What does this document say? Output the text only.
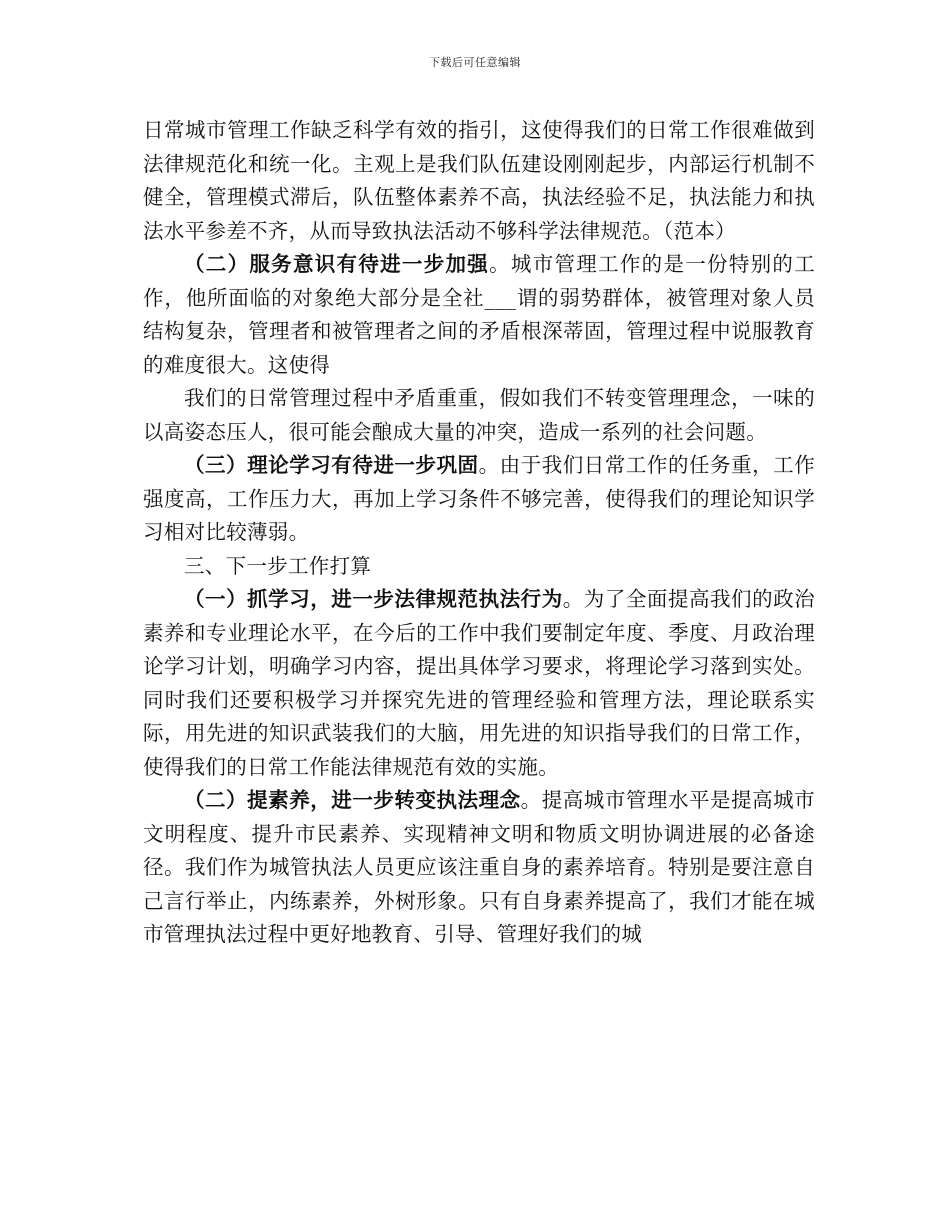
下载后可任意编辑

日常城市管理工作缺乏科学有效的指引，这使得我们的日常工作很难做到法律规范化和统一化。主观上是我们队伍建设刚刚起步，内部运行机制不健全，管理模式滞后，队伍整体素养不高，执法经验不足，执法能力和执法水平参差不齐，从而导致执法活动不够科学法律规范。（范本）

（二）服务意识有待进一步加强。城市管理工作的是一份特别的工作，他所面临的对象绝大部分是全社___谓的弱势群体，被管理对象人员结构复杂，管理者和被管理者之间的矛盾根深蒂固，管理过程中说服教育的难度很大。这使得

我们的日常管理过程中矛盾重重，假如我们不转变管理理念，一味的以高姿态压人，很可能会酿成大量的冲突，造成一系列的社会问题。

（三）理论学习有待进一步巩固。由于我们日常工作的任务重，工作强度高，工作压力大，再加上学习条件不够完善，使得我们的理论知识学习相对比较薄弱。

三、下一步工作打算

（一）抓学习，进一步法律规范执法行为。为了全面提高我们的政治素养和专业理论水平，在今后的工作中我们要制定年度、季度、月政治理论学习计划，明确学习内容，提出具体学习要求，将理论学习落到实处。同时我们还要积极学习并探究先进的管理经验和管理方法，理论联系实际，用先进的知识武装我们的大脑，用先进的知识指导我们的日常工作，使得我们的日常工作能法律规范有效的实施。

（二）提素养，进一步转变执法理念。提高城市管理水平是提高城市文明程度、提升市民素养、实现精神文明和物质文明协调进展的必备途径。我们作为城管执法人员更应该注重自身的素养培育。特别是要注意自己言行举止，内练素养，外树形象。只有自身素养提高了，我们才能在城市管理执法过程中更好地教育、引导、管理好我们的城
